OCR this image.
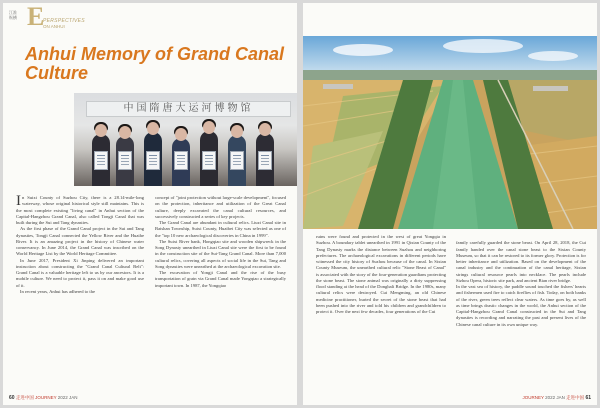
江淮
纵横 E
PERSPECTIVES
ON ANHUI
Anhui Memory of Grand Canal Culture
中国隋唐大运河博物馆

In Suixi County of Suzhou City, there is a 28.14-mile-long waterway, whose original historical style still maintains. This is the most complete existing "living canal" in Anhui section of the Capital-Hangzhou Grand Canal, also called Tongji Canal that was built during the Sui and Tang dynasties.

As the first phase of the Grand Canal project in the Sui and Tang dynasties, Tongji Canal connected the Yellow River and the Huaihe River. It is an amazing project in the history of Chinese water conservancy. In June 2014, the Grand Canal was inscribed on the World Heritage List by the World Heritage Committee.

In June 2017, President Xi Jinping delivered an important instruction about constructing the "Grand Canal Cultural Belt": Grand Canal is a valuable heritage left to us by our ancestors. It is a mobile culture. We need to protect it, pass it on and make good use of it.

In recent years, Anhui has adhered to the

concept of "joint protection without large-scale development", focused on the protection, inheritance and utilization of the Great Canal culture, deeply excavated the canal cultural resources, and successively constructed a series of key projects.

The Grand Canal are abundant in cultural relics. Liuzi Canal site in Baishan Township, Suixi County, Huaibei City was selected as one of the "top 10 new archaeological discoveries in China in 1999".

The Suixi River bank, Hongqiao site and wooden shipwreck in the Song Dynasty unearthed in Liuzi Canal site were the first to be found in the construction site of the Sui-Tang Grand Canal. More than 7,000 cultural relics, covering all aspects of social life in the Sui, Tang and Song dynasties were unearthed at the archaeological excavation site.

The excavation of Yongji Canal and the rise of the busy transportation of grain via Grand Canal made Yongqiao a strategically important town. In 1987, the Yongqiao

60 走进中国 JOURNEY 2022 JAN

ruins were found and protected in the west of great Yongqia in Suzhou. A boundary tablet unearthed in 1991 in Qixian County of the Tang Dynasty marks the distance between Suzhou and neighboring prefectures. The archaeological excavations in different periods have witnessed the city history of Suzhou because of the canal. In Sixian County Museum, the unearthed cultural relic "Stone Beast of Canal" is associated with the story of the four-generation guardians protecting the stone beast. The stone animal was originally a dirty suppressing flood standing at the head of the Dongbali Bridge. In the 1980s, many cultural relics were destroyed. Cui Mengming, an old Chinese medicine practitioner, buried the secret of the stone beast that had been pushed into the river and told his children and grandchildren to protect it. Over the next few decades, four generations of the Cui

family carefully guarded the stone beast. On April 28, 2018, the Cui family handed over the canal stone beast to the Sixian County Museum, so that it can be restored to its former glory. Protection is for better inheritance and utilization. Based on the development of the canal industry and the continuation of the canal heritage, Sixian strings cultural resource pearls into necklace. The pearls include Sizhou Opera, historic site park, and ancient Bian river bridge.
In the vast sea of history, the paddle sound touched the fishers' hearts and fishermen used fire to catch fireflies of fish. Today, on both banks of the river, green trees reflect clear waters. As time goes by, as well as time brings drastic changes in the world, the Anhui section of the Capital-Hangzhou Grand Canal constructed in the Sui and Tang dynasties is recording and narrating the past and present lives of the Chinese canal culture in its own unique way.

JOURNEY 2022 JAN 走进中国 61
